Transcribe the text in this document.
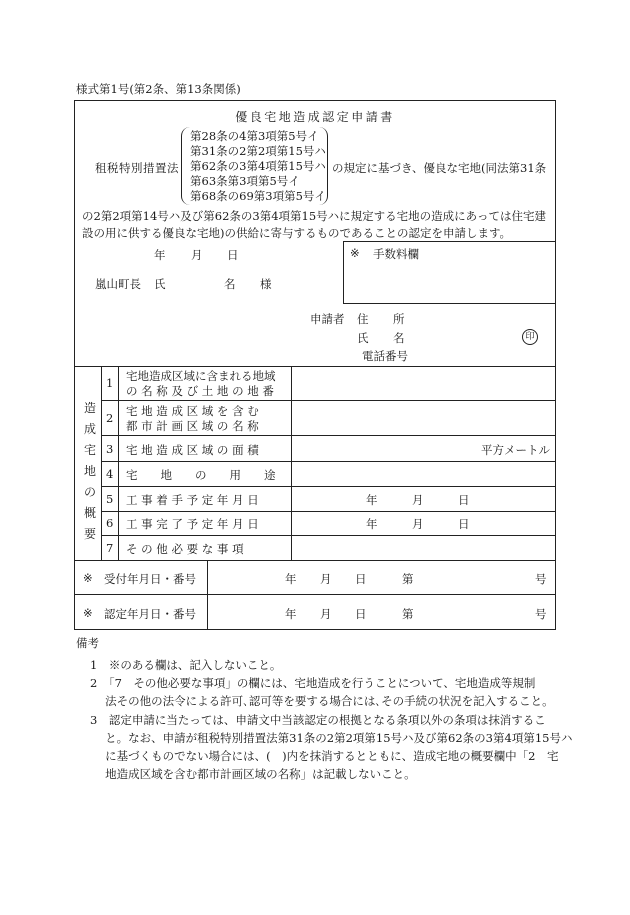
様式第1号(第2条、第13条関係)
優良宅地造成認定申請書
租税特別措置法
第28条の4第3項第5号イ
第31条の2第2項第15号ハ
第62条の3第4項第15号ハ
第63条第3項第5号イ
第68条の69第3項第5号イ
の規定に基づき、優良な宅地(同法第31条
の2第2項第14号ハ及び第62条の3第4項第15号ハに規定する宅地の造成にあっては住宅建
設の用に供する優良な宅地)の供給に寄与するものであることの認定を申請します。
年 月 日	※ 手数料欄
嵐山町長 氏	名 様
申請者 住 所
氏 名	印
電話番号
造
成
宅
地
の
概
要
1 宅地造成区域に含まれる地域
の 名 称 及 び 土 地 の 地 番
2 宅 地 造 成 区 域 を 含 む
都 市 計 画 区 域 の 名 称
3 宅 地 造 成 区 域 の 面 積	平方メートル
4 宅　　地　　の　　用　　途
5 工 事 着 手 予 定 年 月 日	年　　　月　　　日
6 工 事 完 了 予 定 年 月 日	年　　　月　　　日
7 そ の 他 必 要 な 事 項
※ 受付年月日・番号	年 月 日	第	号
※ 認定年月日・番号	年 月 日	第	号
備考
1　※のある欄は、記入しないこと。
2　「7　その他必要な事項」の欄には、宅地造成を行うことについて、宅地造成等規制
　 法その他の法令による許可､認可等を要する場合には､その手続の状況を記入すること。
3　認定申請に当たっては、申請文中当該認定の根拠となる条項以外の条項は抹消するこ
　 と。なお、申請が租税特別措置法第31条の2第2項第15号ハ及び第62条の3第4項第15号ハ
　 に基づくものでない場合には、(　)内を抹消するとともに、造成宅地の概要欄中「2　宅
　 地造成区域を含む都市計画区域の名称」は記載しないこと。
